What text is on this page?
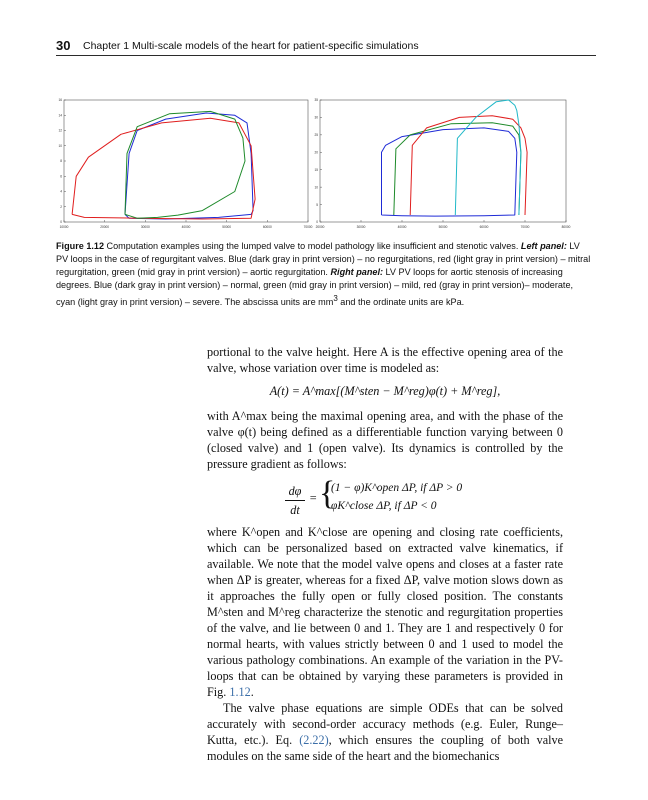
30 Chapter 1 Multi-scale models of the heart for patient-specific simulations
10000	20000	30000	40000	50000	60000	70000
0
2
4
6
8
10
12
14
16
20000	30000	40000	50000	60000	70000	80000
0
5
10
15
20
25
30
35
Figure 1.12 Computation examples using the lumped valve to model pathology like insufficient and stenotic valves. Left panel: LV PV loops in the case of regurgitant valves. Blue (dark gray in print version) – no regurgitations, red (light gray in print version) – mitral regurgitation, green (mid gray in print version) – aortic regurgitation. Right panel: LV PV loops for aortic stenosis of increasing degrees. Blue (dark gray in print version) – normal, green (mid gray in print version) – mild, red (gray in print version)– moderate, cyan (light gray in print version) – severe. The abscissa units are $mm^3$ and the ordinate units are kPa.

portional to the valve height. Here A is the effective opening area of the valve, whose variation over time is modeled as:

A(t) = A^max[(M^sten − M^reg)φ(t) + M^reg],

with A^max being the maximal opening area, and with the phase of the valve φ(t) being defined as a differentiable function varying between 0 (closed valve) and 1 (open valve). Its dynamics is controlled by the pressure gradient as follows:

dφ
dt
= {
(1 − φ)K^open ΔP, if ΔP > 0
φK^close ΔP, if ΔP < 0

where K^open and K^close are opening and closing rate coefficients, which can be personalized based on extracted valve kinematics, if available. We note that the model valve opens and closes at a faster rate when ΔP is greater, whereas for a fixed ΔP, valve motion slows down as it approaches the fully open or fully closed position. The constants M^sten and M^reg characterize the stenotic and regurgitation properties of the valve, and lie between 0 and 1. They are 1 and respectively 0 for normal hearts, with values strictly between 0 and 1 used to model the various pathology combinations. An example of the variation in the PV-loops that can be obtained by varying these parameters is provided in Fig. 1.12.

The valve phase equations are simple ODEs that can be solved accurately with second-order accuracy methods (e.g. Euler, Runge–Kutta, etc.). Eq. (2.22), which ensures the coupling of both valve modules on the same side of the heart and the biomechanics
